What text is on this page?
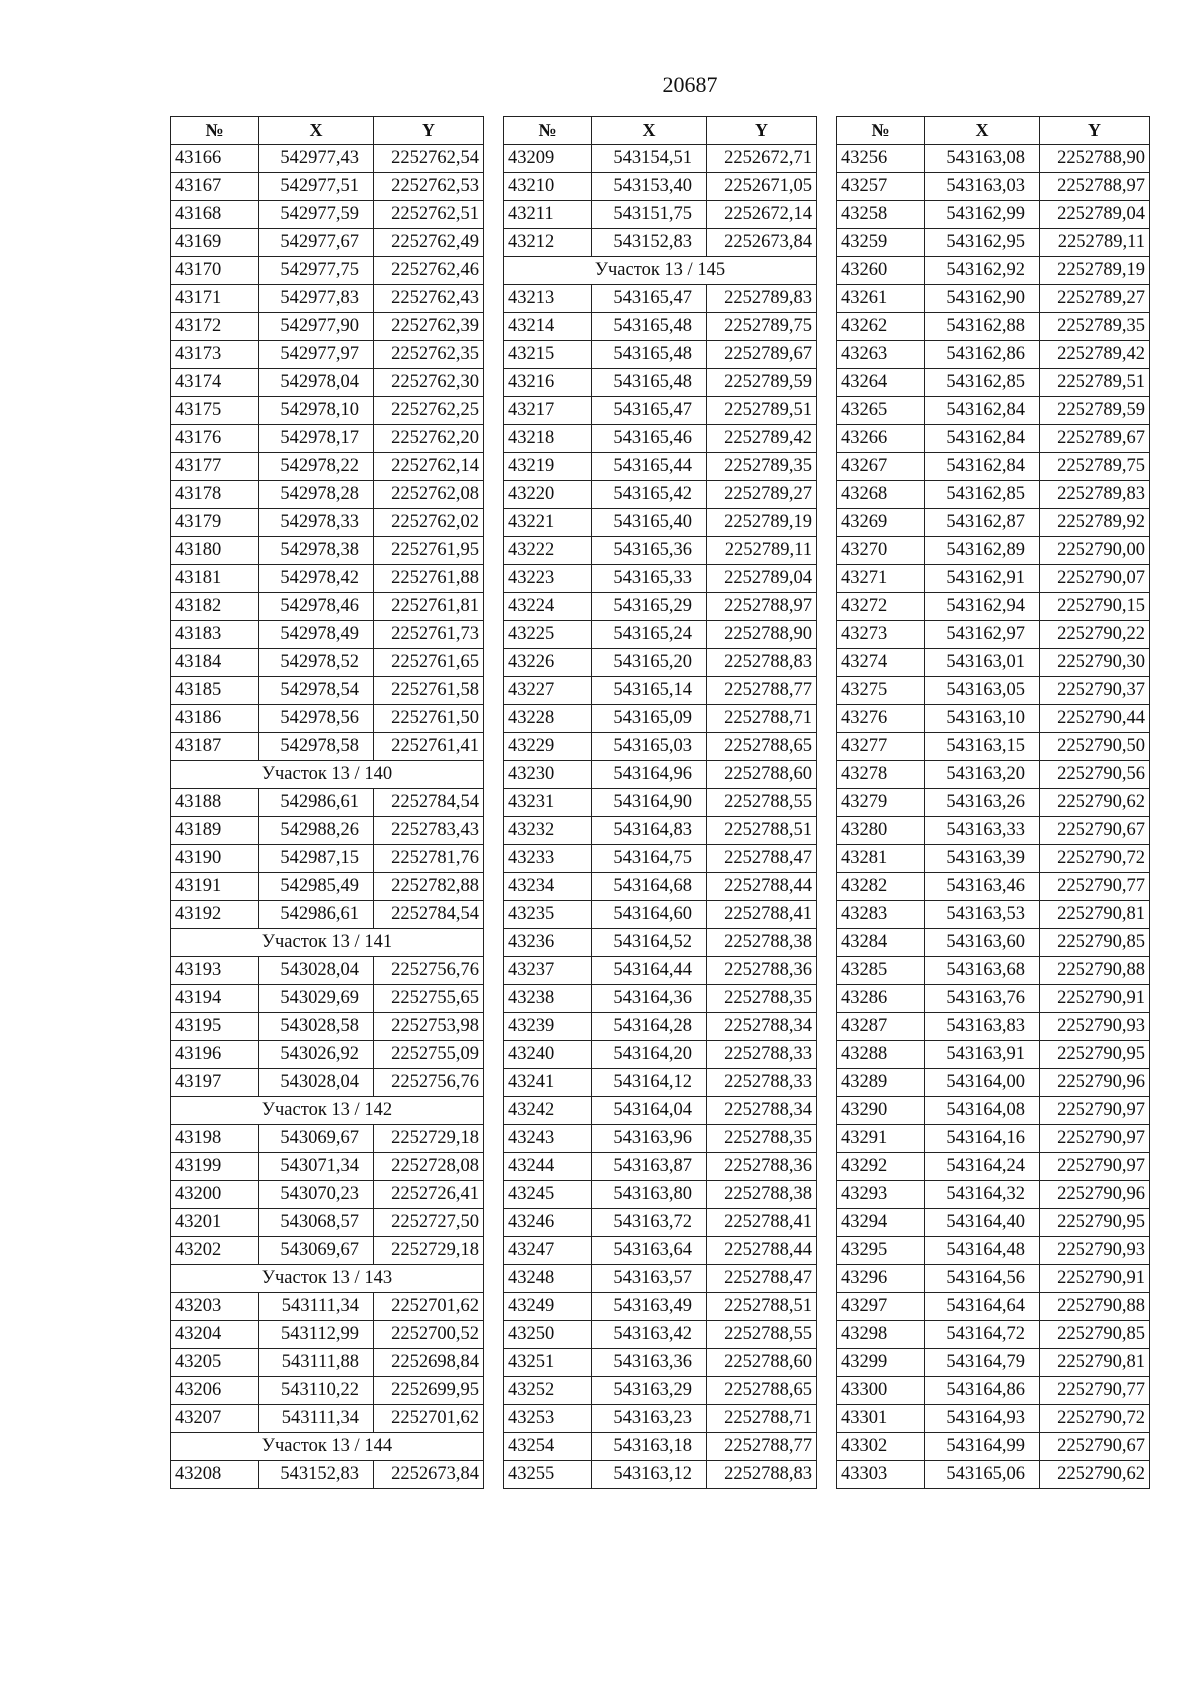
20687
№	X	Y
43166	542977,43	2252762,54
43167	542977,51	2252762,53
43168	542977,59	2252762,51
43169	542977,67	2252762,49
43170	542977,75	2252762,46
43171	542977,83	2252762,43
43172	542977,90	2252762,39
43173	542977,97	2252762,35
43174	542978,04	2252762,30
43175	542978,10	2252762,25
43176	542978,17	2252762,20
43177	542978,22	2252762,14
43178	542978,28	2252762,08
43179	542978,33	2252762,02
43180	542978,38	2252761,95
43181	542978,42	2252761,88
43182	542978,46	2252761,81
43183	542978,49	2252761,73
43184	542978,52	2252761,65
43185	542978,54	2252761,58
43186	542978,56	2252761,50
43187	542978,58	2252761,41
Участок 13 / 140		
43188	542986,61	2252784,54
43189	542988,26	2252783,43
43190	542987,15	2252781,76
43191	542985,49	2252782,88
43192	542986,61	2252784,54
Участок 13 / 141		
43193	543028,04	2252756,76
43194	543029,69	2252755,65
43195	543028,58	2252753,98
43196	543026,92	2252755,09
43197	543028,04	2252756,76
Участок 13 / 142		
43198	543069,67	2252729,18
43199	543071,34	2252728,08
43200	543070,23	2252726,41
43201	543068,57	2252727,50
43202	543069,67	2252729,18
Участок 13 / 143		
43203	543111,34	2252701,62
43204	543112,99	2252700,52
43205	543111,88	2252698,84
43206	543110,22	2252699,95
43207	543111,34	2252701,62
Участок 13 / 144		
43208	543152,83	2252673,84
№	X	Y
43209	543154,51	2252672,71
43210	543153,40	2252671,05
43211	543151,75	2252672,14
43212	543152,83	2252673,84
Участок 13 / 145		
43213	543165,47	2252789,83
43214	543165,48	2252789,75
43215	543165,48	2252789,67
43216	543165,48	2252789,59
43217	543165,47	2252789,51
43218	543165,46	2252789,42
43219	543165,44	2252789,35
43220	543165,42	2252789,27
43221	543165,40	2252789,19
43222	543165,36	2252789,11
43223	543165,33	2252789,04
43224	543165,29	2252788,97
43225	543165,24	2252788,90
43226	543165,20	2252788,83
43227	543165,14	2252788,77
43228	543165,09	2252788,71
43229	543165,03	2252788,65
43230	543164,96	2252788,60
43231	543164,90	2252788,55
43232	543164,83	2252788,51
43233	543164,75	2252788,47
43234	543164,68	2252788,44
43235	543164,60	2252788,41
43236	543164,52	2252788,38
43237	543164,44	2252788,36
43238	543164,36	2252788,35
43239	543164,28	2252788,34
43240	543164,20	2252788,33
43241	543164,12	2252788,33
43242	543164,04	2252788,34
43243	543163,96	2252788,35
43244	543163,87	2252788,36
43245	543163,80	2252788,38
43246	543163,72	2252788,41
43247	543163,64	2252788,44
43248	543163,57	2252788,47
43249	543163,49	2252788,51
43250	543163,42	2252788,55
43251	543163,36	2252788,60
43252	543163,29	2252788,65
43253	543163,23	2252788,71
43254	543163,18	2252788,77
43255	543163,12	2252788,83
№	X	Y
43256	543163,08	2252788,90
43257	543163,03	2252788,97
43258	543162,99	2252789,04
43259	543162,95	2252789,11
43260	543162,92	2252789,19
43261	543162,90	2252789,27
43262	543162,88	2252789,35
43263	543162,86	2252789,42
43264	543162,85	2252789,51
43265	543162,84	2252789,59
43266	543162,84	2252789,67
43267	543162,84	2252789,75
43268	543162,85	2252789,83
43269	543162,87	2252789,92
43270	543162,89	2252790,00
43271	543162,91	2252790,07
43272	543162,94	2252790,15
43273	543162,97	2252790,22
43274	543163,01	2252790,30
43275	543163,05	2252790,37
43276	543163,10	2252790,44
43277	543163,15	2252790,50
43278	543163,20	2252790,56
43279	543163,26	2252790,62
43280	543163,33	2252790,67
43281	543163,39	2252790,72
43282	543163,46	2252790,77
43283	543163,53	2252790,81
43284	543163,60	2252790,85
43285	543163,68	2252790,88
43286	543163,76	2252790,91
43287	543163,83	2252790,93
43288	543163,91	2252790,95
43289	543164,00	2252790,96
43290	543164,08	2252790,97
43291	543164,16	2252790,97
43292	543164,24	2252790,97
43293	543164,32	2252790,96
43294	543164,40	2252790,95
43295	543164,48	2252790,93
43296	543164,56	2252790,91
43297	543164,64	2252790,88
43298	543164,72	2252790,85
43299	543164,79	2252790,81
43300	543164,86	2252790,77
43301	543164,93	2252790,72
43302	543164,99	2252790,67
43303	543165,06	2252790,62
